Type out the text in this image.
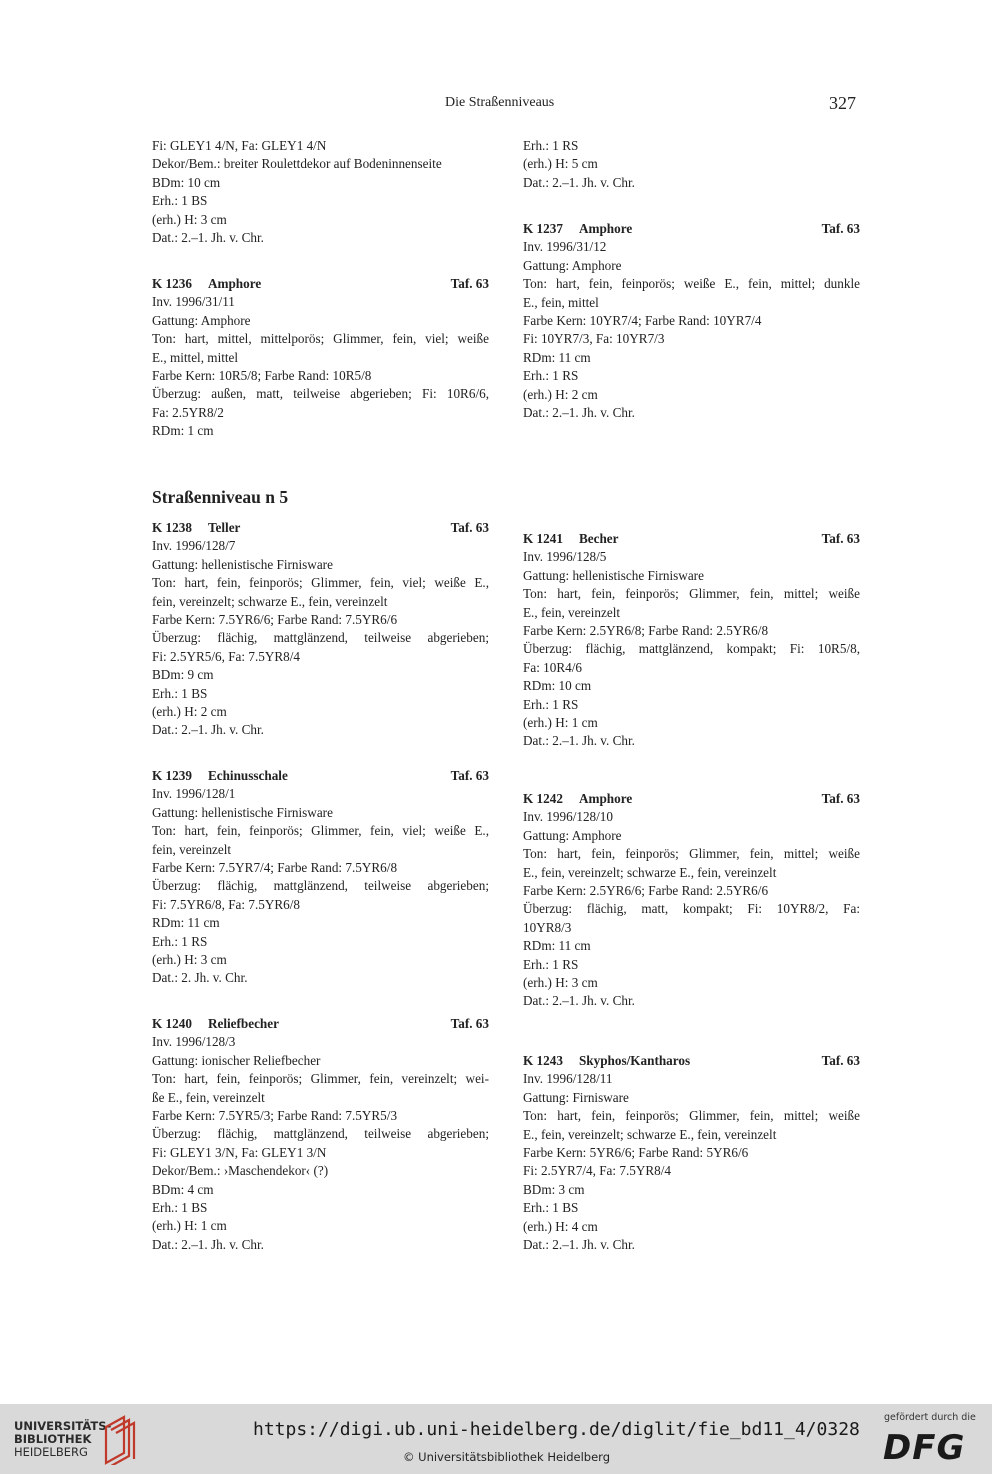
Die Straßenniveaus	327
Fi: GLEY1 4/N, Fa: GLEY1 4/N
Dekor/Bem.: breiter Roulettdekor auf Bodeninnenseite
BDm: 10 cm
Erh.: 1 BS
(erh.) H: 3 cm
Dat.: 2.–1. Jh. v. Chr.
Erh.: 1 RS
(erh.) H: 5 cm
Dat.: 2.–1. Jh. v. Chr.
K 1236 Amphore	Taf. 63
Inv. 1996/31/11
Gattung: Amphore
Ton: hart, mittel, mittelporös; Glimmer, fein, viel; weiße
E., mittel, mittel
Farbe Kern: 10R5/8; Farbe Rand: 10R5/8
Überzug: außen, matt, teilweise abgerieben; Fi: 10R6/6,
Fa: 2.5YR8/2
RDm: 1 cm
K 1237 Amphore	Taf. 63
Inv. 1996/31/12
Gattung: Amphore
Ton: hart, fein, feinporös; weiße E., fein, mittel; dunkle
E., fein, mittel
Farbe Kern: 10YR7/4; Farbe Rand: 10YR7/4
Fi: 10YR7/3, Fa: 10YR7/3
RDm: 11 cm
Erh.: 1 RS
(erh.) H: 2 cm
Dat.: 2.–1. Jh. v. Chr.
Straßenniveau n 5
K 1238 Teller	Taf. 63
Inv. 1996/128/7
Gattung: hellenistische Firnisware
Ton: hart, fein, feinporös; Glimmer, fein, viel; weiße E.,
fein, vereinzelt; schwarze E., fein, vereinzelt
Farbe Kern: 7.5YR6/6; Farbe Rand: 7.5YR6/6
Überzug: flächig, mattglänzend, teilweise abgerieben;
Fi: 2.5YR5/6, Fa: 7.5YR8/4
BDm: 9 cm
Erh.: 1 BS
(erh.) H: 2 cm
Dat.: 2.–1. Jh. v. Chr.
K 1239 Echinusschale	Taf. 63
Inv. 1996/128/1
Gattung: hellenistische Firnisware
Ton: hart, fein, feinporös; Glimmer, fein, viel; weiße E.,
fein, vereinzelt
Farbe Kern: 7.5YR7/4; Farbe Rand: 7.5YR6/8
Überzug: flächig, mattglänzend, teilweise abgerieben;
Fi: 7.5YR6/8, Fa: 7.5YR6/8
RDm: 11 cm
Erh.: 1 RS
(erh.) H: 3 cm
Dat.: 2. Jh. v. Chr.
K 1240 Reliefbecher	Taf. 63
Inv. 1996/128/3
Gattung: ionischer Reliefbecher
Ton: hart, fein, feinporös; Glimmer, fein, vereinzelt; wei-
ße E., fein, vereinzelt
Farbe Kern: 7.5YR5/3; Farbe Rand: 7.5YR5/3
Überzug: flächig, mattglänzend, teilweise abgerieben;
Fi: GLEY1 3/N, Fa: GLEY1 3/N
Dekor/Bem.: ›Maschendekor‹ (?)
BDm: 4 cm
Erh.: 1 BS
(erh.) H: 1 cm
Dat.: 2.–1. Jh. v. Chr.
K 1241 Becher	Taf. 63
Inv. 1996/128/5
Gattung: hellenistische Firnisware
Ton: hart, fein, feinporös; Glimmer, fein, mittel; weiße
E., fein, vereinzelt
Farbe Kern: 2.5YR6/8; Farbe Rand: 2.5YR6/8
Überzug: flächig, mattglänzend, kompakt; Fi: 10R5/8,
Fa: 10R4/6
RDm: 10 cm
Erh.: 1 RS
(erh.) H: 1 cm
Dat.: 2.–1. Jh. v. Chr.
K 1242 Amphore	Taf. 63
Inv. 1996/128/10
Gattung: Amphore
Ton: hart, fein, feinporös; Glimmer, fein, mittel; weiße
E., fein, vereinzelt; schwarze E., fein, vereinzelt
Farbe Kern: 2.5YR6/6; Farbe Rand: 2.5YR6/6
Überzug: flächig, matt, kompakt; Fi: 10YR8/2, Fa:
10YR8/3
RDm: 11 cm
Erh.: 1 RS
(erh.) H: 3 cm
Dat.: 2.–1. Jh. v. Chr.
K 1243 Skyphos/Kantharos	Taf. 63
Inv. 1996/128/11
Gattung: Firnisware
Ton: hart, fein, feinporös; Glimmer, fein, mittel; weiße
E., fein, vereinzelt; schwarze E., fein, vereinzelt
Farbe Kern: 5YR6/6; Farbe Rand: 5YR6/6
Fi: 2.5YR7/4, Fa: 7.5YR8/4
BDm: 3 cm
Erh.: 1 BS
(erh.) H: 4 cm
Dat.: 2.–1. Jh. v. Chr.
UNIVERSITÄTS-
BIBLIOTHEK
HEIDELBERG
https://digi.ub.uni-heidelberg.de/diglit/fie_bd11_4/0328
© Universitätsbibliothek Heidelberg
gefördert durch die
DFG
